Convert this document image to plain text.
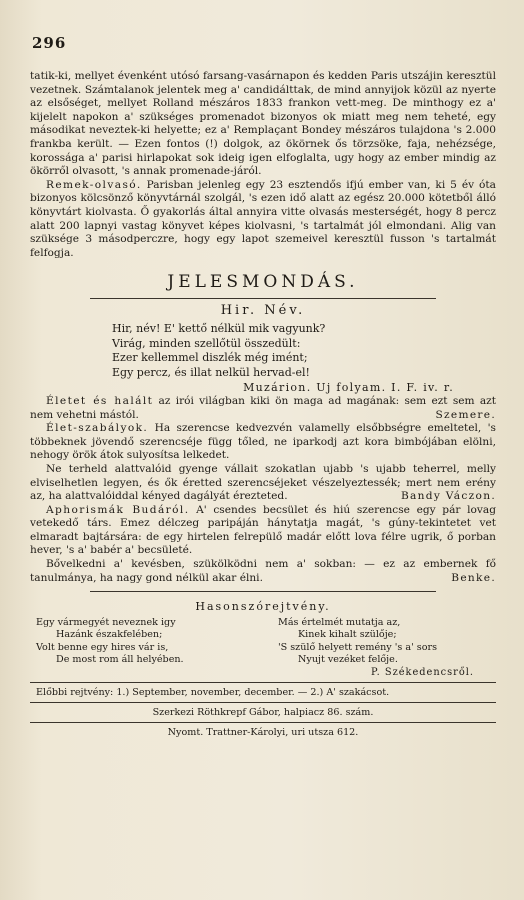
296

tatik-ki, mellyet évenként utósó farsang-vasárnapon és kedden Paris utszájin keresztül vezetnek. Számtalanok jelentek meg a' candidálttak, de mind annyijok közül az nyerte az elsőséget, mellyet Rolland mészáros 1833 frankon vett-meg. De minthogy ez a' kijelelt napokon a' szükséges promenadot bizonyos ok miatt meg nem teheté, egy másodikat neveztek-ki helyette; ez a' Remplaçant Bondey mészáros tulajdona 's 2.000 frankba került. — Ezen fontos (!) dolgok, az ökörnek ős törzsöke, faja, nehézsége, korossága a' parisi hirlapokat sok ideig igen elfoglalta, ugy hogy az ember mindig az ökörről olvasott, 's annak promenade-járól.

Remek-olvasó. Parisban jelenleg egy 23 esztendős ifjú ember van, ki 5 év óta bizonyos kölcsönző könyvtárnál szolgál, 's ezen idő alatt az egész 20.000 kötetből álló könyvtárt kiolvasta. Ő gyakorlás által annyira vitte olvasás mesterségét, hogy 8 percz alatt 200 lapnyi vastag könyvet képes kiolvasni, 's tartalmát jól elmondani. Alig van szüksége 3 másodperczre, hogy egy lapot szemeivel keresztül fusson 's tartalmát felfogja.

JELESMONDÁS.
Hir. Név.
Hir, név! E' kettő nélkül mik vagyunk?
Virág, minden szellőtül összedült:
Ezer kellemmel diszlék még imént;
Egy percz, és illat nelkül hervad-el!
Muzárion. Uj folyam. I. F. iv. r.

Életet és halált az irói világban kiki ön maga ad magának: sem ezt sem azt nem vehetni mástól.	Szemere.

Élet-szabályok. Ha szerencse kedvezvén valamelly elsőbbségre emeltetel, 's többeknek jövendő szerencséje függ tőled, ne iparkodj azt kora bimbójában elölni, nehogy örök átok sulyosítsa lelkedet.

Ne terheld alattvalóid gyenge vállait szokatlan ujabb 's ujabb teherrel, melly elviselhetlen legyen, és ők éretted szerencséjeket vészelyeztessék; mert nem erény az, ha alattvalóiddal kényed dagályát érezteted.	Bandy Váczon.

Aphorismák Budáról. A' csendes becsület és hiú szerencse egy pár lovag vetekedő társ. Emez délczeg paripáján hánytatja magát, 's gúny-tekintetet vet elmaradt bajtársára: de egy hirtelen felrepülő madár előtt lova félre ugrik, ő porban hever, 's a' babér a' becsületé.

Bővelkedni a' kevésben, szükölködni nem a' sokban: — ez az embernek fő tanulmánya, ha nagy gond nélkül akar élni.	Benke.

Hasonszórejtvény.
Egy vármegyét neveznek igy
Hazánk északfelében;
Volt benne egy hires vár is,
De most rom áll helyében.
Más értelmét mutatja az,
Kinek kihalt szülője;
'S szülő helyett remény 's a' sors
Nyujt vezéket felője.
P. Székedencsről.
Előbbi rejtvény: 1.) September, november, december. — 2.) A' szakácsot.
Szerkezi Röthkrepf Gábor, halpiacz 86. szám.
Nyomt. Trattner-Károlyi, uri utsza 612.
